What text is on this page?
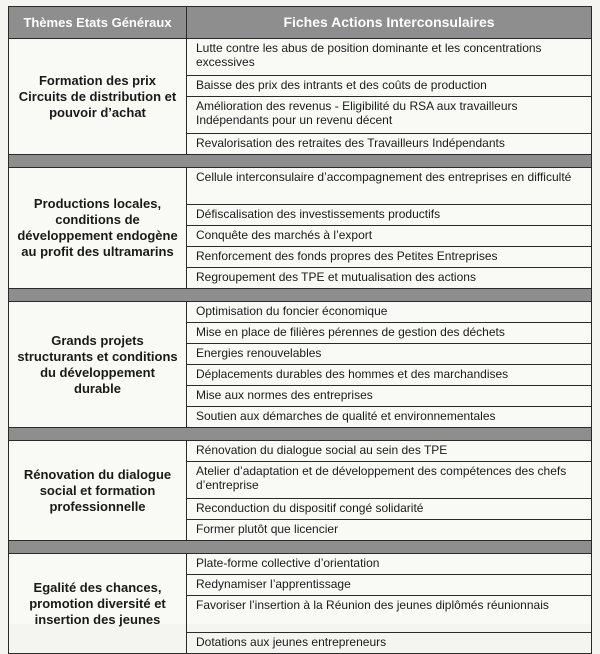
Thèmes Etats Généraux	Fiches Actions Interconsulaires
Formation des prix Circuits de distribution et pouvoir d’achat	Lutte contre les abus de position dominante et les concentrations excessives
	Baisse des prix des intrants et des coûts de production
	Amélioration des revenus - Eligibilité du RSA aux travailleurs Indépendants pour un revenu décent
	Revalorisation des retraites des Travailleurs Indépendants

Productions locales, conditions de développement endogène au profit des ultramarins	Cellule interconsulaire d’accompagnement des entreprises en difficulté
	Défiscalisation des investissements productifs
	Conquête des marchés à l’export
	Renforcement des fonds propres des Petites Entreprises
	Regroupement des TPE et mutualisation des actions

Grands projets structurants et conditions du développement durable	Optimisation du foncier économique
	Mise en place de filières pérennes de gestion des déchets
	Energies renouvelables
	Déplacements durables des hommes et des marchandises
	Mise aux normes des entreprises
	Soutien aux démarches de qualité et environnementales

Rénovation du dialogue social et formation professionnelle	Rénovation du dialogue social au sein des TPE
	Atelier d’adaptation et de développement des compétences des chefs d’entreprise
	Reconduction du dispositif congé solidarité
	Former plutôt que licencier

Egalité des chances, promotion diversité et insertion des jeunes	Plate-forme collective d’orientation
	Redynamiser l’apprentissage
	Favoriser l’insertion à la Réunion des jeunes diplômés réunionnais
	Dotations aux jeunes entrepreneurs
